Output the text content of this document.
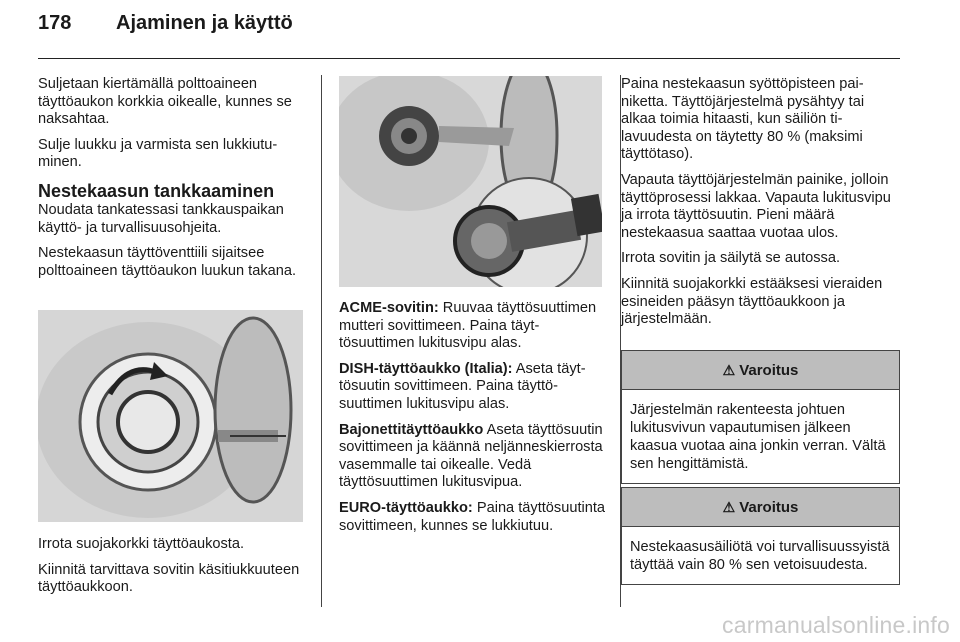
178	Ajaminen ja käyttö

Suljetaan kiertämällä polttoaineen täyttöaukon korkkia oikealle, kunnes se naksahtaa.

Sulje luukku ja varmista sen lukkiutuminen.

Nestekaasun tankkaaminen

Noudata tankatessasi tankkauspaikan käyttö- ja turvallisuusohjeita.

Nestekaasun täyttöventtiili sijaitsee polttoaineen täyttöaukon luukun takana.

Irrota suojakorkki täyttöaukosta.

Kiinnitä tarvittava sovitin käsitiukkuuteen täyttöaukkoon.

ACME-sovitin: Ruuvaa täyttösuuttimen mutteri sovittimeen. Paina täyttösuuttimen lukitusvipu alas.

DISH-täyttöaukko (Italia): Aseta täyttösuutin sovittimeen. Paina täyttösuuttimen lukitusvipu alas.

Bajonettitäyttöaukko Aseta täyttösuutin sovittimeen ja käännä neljänneskierrosta vasemmalle tai oikealle. Vedä täyttösuuttimen lukitusvipua.

EURO-täyttöaukko: Paina täyttösuutinta sovittimeen, kunnes se lukkiutuu.

Paina nestekaasun syöttöpisteen painiketta. Täyttöjärjestelmä pysähtyy tai alkaa toimia hitaasti, kun säiliön tilavuudesta on täytetty 80 % (maksimi täyttötaso).

Vapauta täyttöjärjestelmän painike, jolloin täyttöprosessi lakkaa. Vapauta lukitusvipu ja irrota täyttösuutin. Pieni määrä nestekaasua saattaa vuotaa ulos.

Irrota sovitin ja säilytä se autossa.

Kiinnitä suojakorkki estääksesi vieraiden esineiden pääsyn täyttöaukkoon ja järjestelmään.

⚠ Varoitus
Järjestelmän rakenteesta johtuen lukitusvivun vapautumisen jälkeen kaasua vuotaa aina jonkin verran. Vältä sen hengittämistä.
⚠ Varoitus
Nestekaasusäiliötä voi turvallisuussyistä täyttää vain 80 % sen vetoisuudesta.
carmanualsonline.info
